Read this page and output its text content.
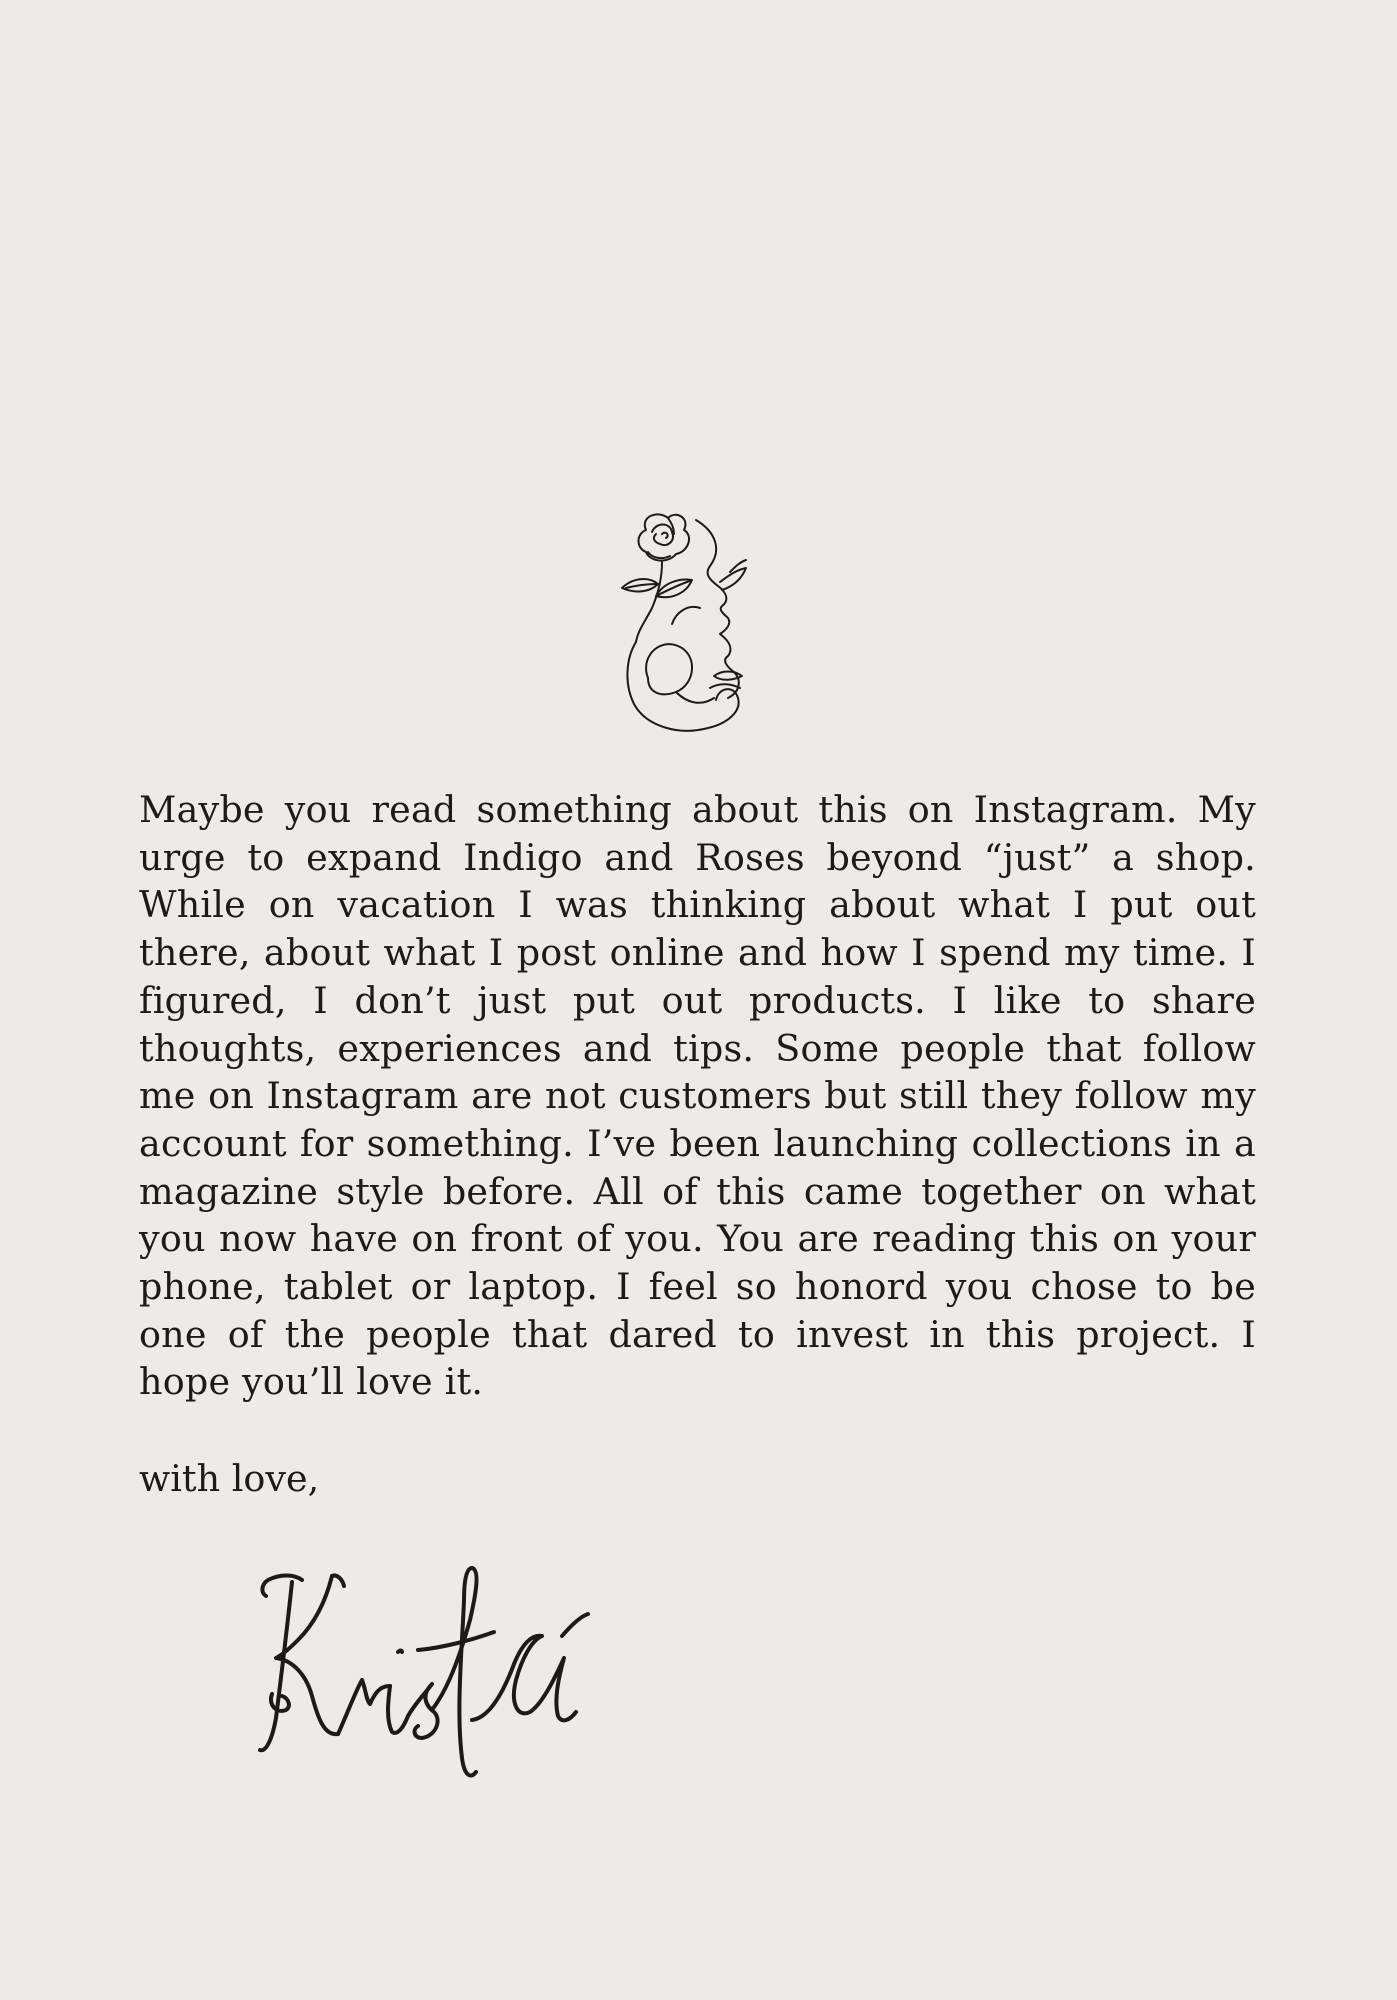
Maybe you read something about this on Instagram. My urge to expand Indigo and Roses beyond “just” a shop. While on vacation I was thinking about what I put out there, about what I post online and how I spend my time. I figured, I don’t just put out products. I like to share thoughts, experiences and tips. Some people that follow me on Instagram are not customers but still they follow my account for something. I’ve been launching collections in a magazine style before. All of this came together on what you now have on front of you. You are reading this on your phone, tablet or laptop. I feel so honord you chose to be one of the people that dared to invest in this project. I hope you’ll love it.

with love,
